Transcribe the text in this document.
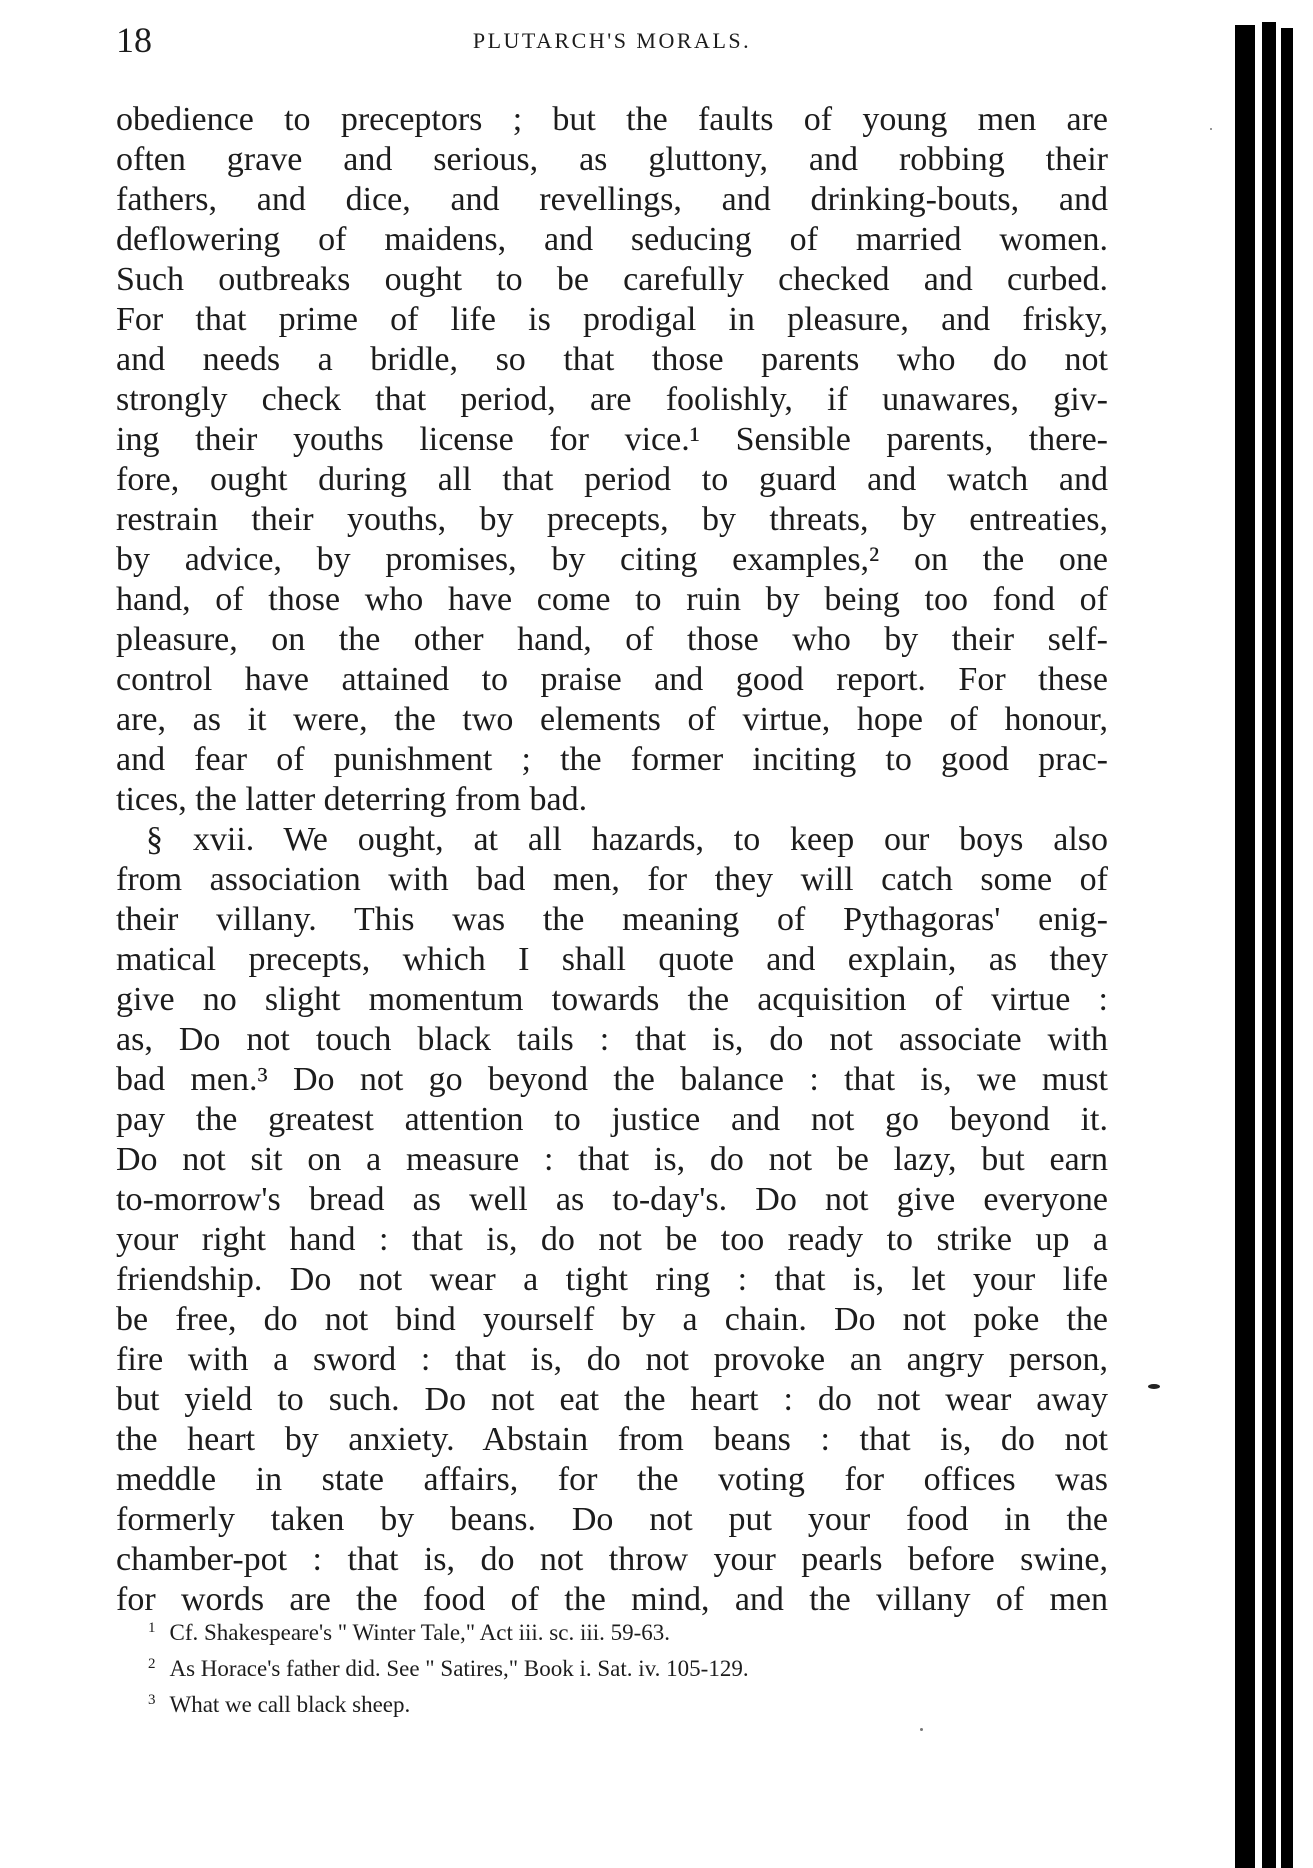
18	PLUTARCH'S MORALS.
obedience to preceptors ; but the faults of young men are
often grave and serious, as gluttony, and robbing their
fathers, and dice, and revellings, and drinking-bouts, and
deflowering of maidens, and seducing of married women.
Such outbreaks ought to be carefully checked and curbed.
For that prime of life is prodigal in pleasure, and frisky,
and needs a bridle, so that those parents who do not
strongly check that period, are foolishly, if unawares, giv-
ing their youths license for vice.¹ Sensible parents, there-
fore, ought during all that period to guard and watch and
restrain their youths, by precepts, by threats, by entreaties,
by advice, by promises, by citing examples,² on the one
hand, of those who have come to ruin by being too fond of
pleasure, on the other hand, of those who by their self-
control have attained to praise and good report. For these
are, as it were, the two elements of virtue, hope of honour,
and fear of punishment ; the former inciting to good prac-
tices, the latter deterring from bad.
§ xvii. We ought, at all hazards, to keep our boys also
from association with bad men, for they will catch some of
their villany. This was the meaning of Pythagoras' enig-
matical precepts, which I shall quote and explain, as they
give no slight momentum towards the acquisition of virtue :
as, Do not touch black tails : that is, do not associate with
bad men.³ Do not go beyond the balance : that is, we must
pay the greatest attention to justice and not go beyond it.
Do not sit on a measure : that is, do not be lazy, but earn
to-morrow's bread as well as to-day's. Do not give everyone
your right hand : that is, do not be too ready to strike up a
friendship. Do not wear a tight ring : that is, let your life
be free, do not bind yourself by a chain. Do not poke the
fire with a sword : that is, do not provoke an angry person,
but yield to such. Do not eat the heart : do not wear away
the heart by anxiety. Abstain from beans : that is, do not
meddle in state affairs, for the voting for offices was
formerly taken by beans. Do not put your food in the
chamber-pot : that is, do not throw your pearls before swine,
for words are the food of the mind, and the villany of men
$^1$ Cf. Shakespeare's " Winter Tale," Act iii. sc. iii. 59-63.
$^2$ As Horace's father did. See " Satires," Book i. Sat. iv. 105-129.
$^3$ What we call black sheep.
